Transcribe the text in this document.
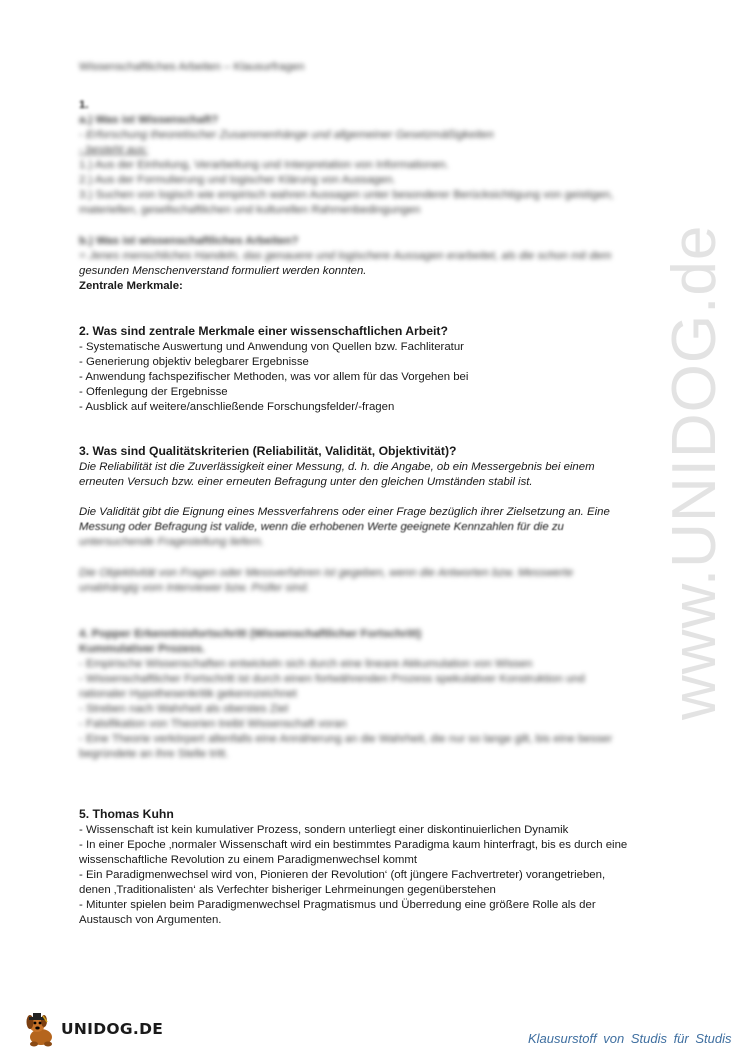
www.UNIDOG.de
Wissenschaftliches Arbeiten – Klausurfragen
1.
a.) Was ist Wissenschaft?
- Erforschung theoretischer Zusammenhänge und allgemeiner Gesetzmäßigkeiten
- besteht aus:
1.) Aus der Einholung, Verarbeitung und Interpretation von Informationen.
2.) Aus der Formulierung und logischer Klärung von Aussagen.
3.) Suchen von logisch wie empirisch wahren Aussagen unter besonderer Berücksichtigung von geistigen,
materiellen, gesellschaftlichen und kulturellen Rahmenbedingungen
b.) Was ist wissenschaftliches Arbeiten?
= Jenes menschliches Handeln, das genauere und logischere Aussagen erarbeitet, als die schon mit dem
gesunden Menschenverstand formuliert werden konnten.
Zentrale Merkmale:
2. Was sind zentrale Merkmale einer wissenschaftlichen Arbeit?
- Systematische Auswertung und Anwendung von Quellen bzw. Fachliteratur
- Generierung objektiv belegbarer Ergebnisse
- Anwendung fachspezifischer Methoden, was vor allem für das Vorgehen bei
- Offenlegung der Ergebnisse
- Ausblick auf weitere/anschließende Forschungsfelder/-fragen
3. Was sind Qualitätskriterien (Reliabilität, Validität, Objektivität)?
Die Reliabilität ist die Zuverlässigkeit einer Messung, d. h. die Angabe, ob ein Messergebnis bei einem
erneuten Versuch bzw. einer erneuten Befragung unter den gleichen Umständen stabil ist.
Die Validität gibt die Eignung eines Messverfahrens oder einer Frage bezüglich ihrer Zielsetzung an. Eine
Messung oder Befragung ist valide, wenn die erhobenen Werte geeignete Kennzahlen für die zu
untersuchende Fragestellung liefern.
Die Objektivität von Fragen oder Messverfahren ist gegeben, wenn die Antworten bzw. Messwerte
unabhängig vom Interviewer bzw. Prüfer sind.
4. Popper Erkenntnisfortschritt (Wissenschaftlicher Fortschritt)
Kummulativer Prozess.
- Empirische Wissenschaften entwickeln sich durch eine lineare Akkumulation von Wissen
- Wissenschaftlicher Fortschritt ist durch einen fortwährenden Prozess spekulativer Konstruktion und
rationaler Hypothesenkritik gekennzeichnet
- Streben nach Wahrheit als oberstes Ziel
- Falsifikation von Theorien treibt Wissenschaft voran
- Eine Theorie verkörpert allenfalls eine Annäherung an die Wahrheit, die nur so lange gilt, bis eine besser
begründete an ihre Stelle tritt.
5. Thomas Kuhn
- Wissenschaft ist kein kumulativer Prozess, sondern unterliegt einer diskontinuierlichen Dynamik
- In einer Epoche ‚normaler Wissenschaft wird ein bestimmtes Paradigma kaum hinterfragt, bis es durch eine
wissenschaftliche Revolution zu einem Paradigmenwechsel kommt
- Ein Paradigmenwechsel wird von, Pionieren der Revolution‘ (oft jüngere Fachvertreter) vorangetrieben,
denen ‚Traditionalisten‘ als Verfechter bisheriger Lehrmeinungen gegenüberstehen
- Mitunter spielen beim Paradigmenwechsel Pragmatismus und Überredung eine größere Rolle als der
Austausch von Argumenten.
UNIDOG.DE
Klausurstoff von Studis für Studis
